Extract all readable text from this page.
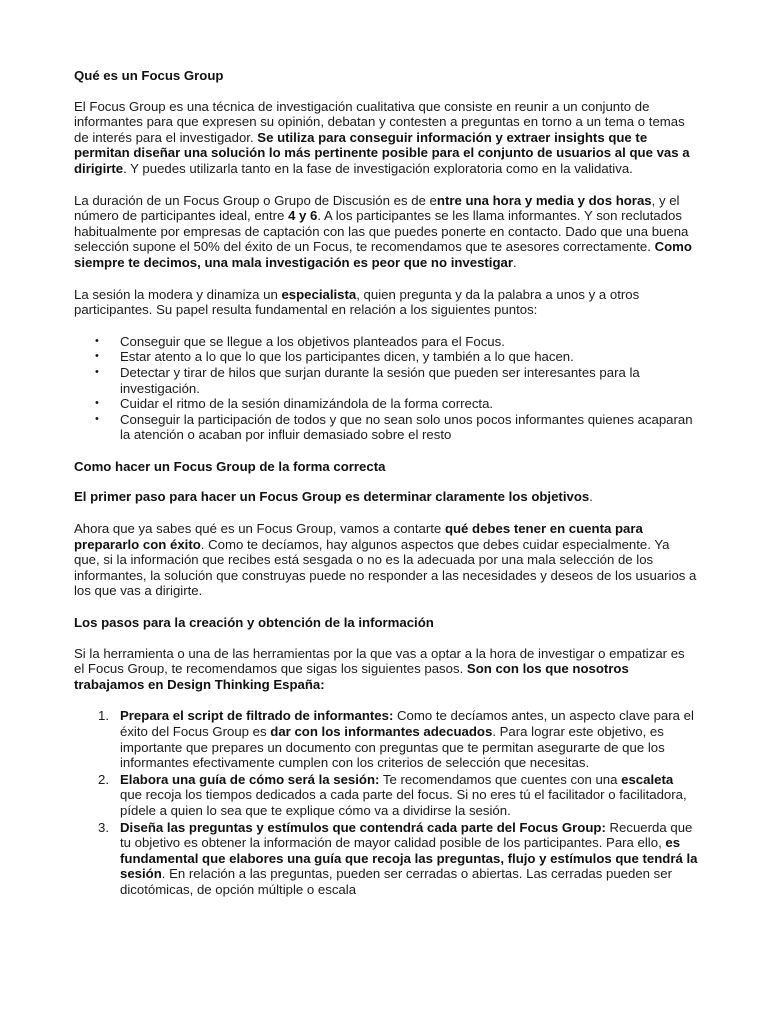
Qué es un Focus Group

El Focus Group es una técnica de investigación cualitativa que consiste en reunir a un conjunto de informantes para que expresen su opinión, debatan y contesten a preguntas en torno a un tema o temas de interés para el investigador. Se utiliza para conseguir información y extraer insights que te permitan diseñar una solución lo más pertinente posible para el conjunto de usuarios al que vas a dirigirte. Y puedes utilizarla tanto en la fase de investigación exploratoria como en la validativa.

La duración de un Focus Group o Grupo de Discusión es de entre una hora y media y dos horas, y el número de participantes ideal, entre 4 y 6. A los participantes se les llama informantes. Y son reclutados habitualmente por empresas de captación con las que puedes ponerte en contacto. Dado que una buena selección supone el 50% del éxito de un Focus, te recomendamos que te asesores correctamente. Como siempre te decimos, una mala investigación es peor que no investigar.

La sesión la modera y dinamiza un especialista, quien pregunta y da la palabra a unos y a otros participantes. Su papel resulta fundamental en relación a los siguientes puntos:

• Conseguir que se llegue a los objetivos planteados para el Focus.
• Estar atento a lo que lo que los participantes dicen, y también a lo que hacen.
• Detectar y tirar de hilos que surjan durante la sesión que pueden ser interesantes para la investigación.
• Cuidar el ritmo de la sesión dinamizándola de la forma correcta.
• Conseguir la participación de todos y que no sean solo unos pocos informantes quienes acaparan la atención o acaban por influir demasiado sobre el resto
Como hacer un Focus Group de la forma correcta

El primer paso para hacer un Focus Group es determinar claramente los objetivos.

Ahora que ya sabes qué es un Focus Group, vamos a contarte qué debes tener en cuenta para prepararlo con éxito. Como te decíamos, hay algunos aspectos que debes cuidar especialmente. Ya que, si la información que recibes está sesgada o no es la adecuada por una mala selección de los informantes, la solución que construyas puede no responder a las necesidades y deseos de los usuarios a los que vas a dirigirte.

Los pasos para la creación y obtención de la información

Si la herramienta o una de las herramientas por la que vas a optar a la hora de investigar o empatizar es el Focus Group, te recomendamos que sigas los siguientes pasos. Son con los que nosotros trabajamos en Design Thinking España:

1. Prepara el script de filtrado de informantes: Como te decíamos antes, un aspecto clave para el éxito del Focus Group es dar con los informantes adecuados. Para lograr este objetivo, es importante que prepares un documento con preguntas que te permitan asegurarte de que los informantes efectivamente cumplen con los criterios de selección que necesitas.
2. Elabora una guía de cómo será la sesión: Te recomendamos que cuentes con una escaleta que recoja los tiempos dedicados a cada parte del focus. Si no eres tú el facilitador o facilitadora, pídele a quien lo sea que te explique cómo va a dividirse la sesión.
3. Diseña las preguntas y estímulos que contendrá cada parte del Focus Group: Recuerda que tu objetivo es obtener la información de mayor calidad posible de los participantes. Para ello, es fundamental que elabores una guía que recoja las preguntas, flujo y estímulos que tendrá la sesión. En relación a las preguntas, pueden ser cerradas o abiertas. Las cerradas pueden ser dicotómicas, de opción múltiple o escala
